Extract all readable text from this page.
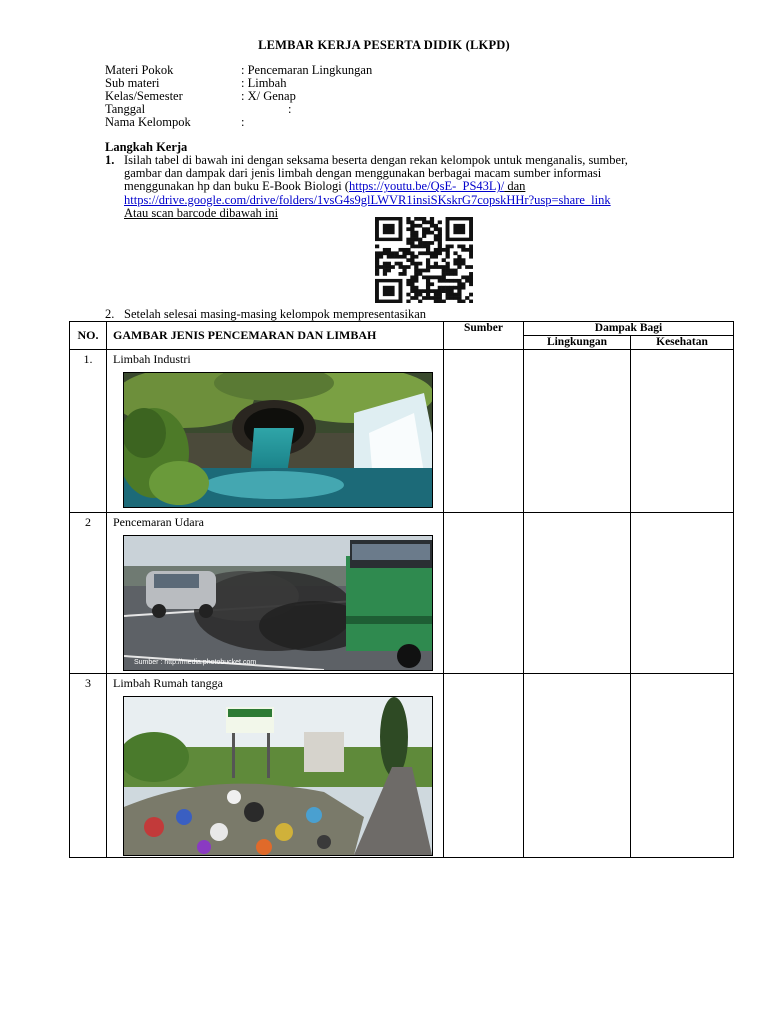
LEMBAR KERJA PESERTA DIDIK (LKPD)
Materi Pokok	: Pencemaran Lingkungan
Sub materi	: Limbah
Kelas/Semester	: X/ Genap
Tanggal	:
Nama Kelompok	:
Langkah Kerja
1. Isilah tabel di bawah ini dengan seksama beserta dengan rekan kelompok untuk menganalis, sumber, gambar dan dampak dari jenis limbah dengan menggunakan berbagai macam sumber informasi menggunakan hp dan buku E-Book Biologi (https://youtu.be/QsE-_PS43L)/ dan
https://drive.google.com/drive/folders/1vsG4s9glLWVR1insiSKskrG7copskHHr?usp=share_link
Atau scan barcode dibawah ini
2. Setelah selesai masing-masing kelompok mempresentasikan
NO.	GAMBAR JENIS PENCEMARAN DAN LIMBAH	Sumber	Dampak Bagi	
			Lingkungan	Kesehatan
1.	Limbah Industri			

2	Pencemaran Udara
Sumber : http://media.photobucket.com			

3	Limbah Rumah tangga			
